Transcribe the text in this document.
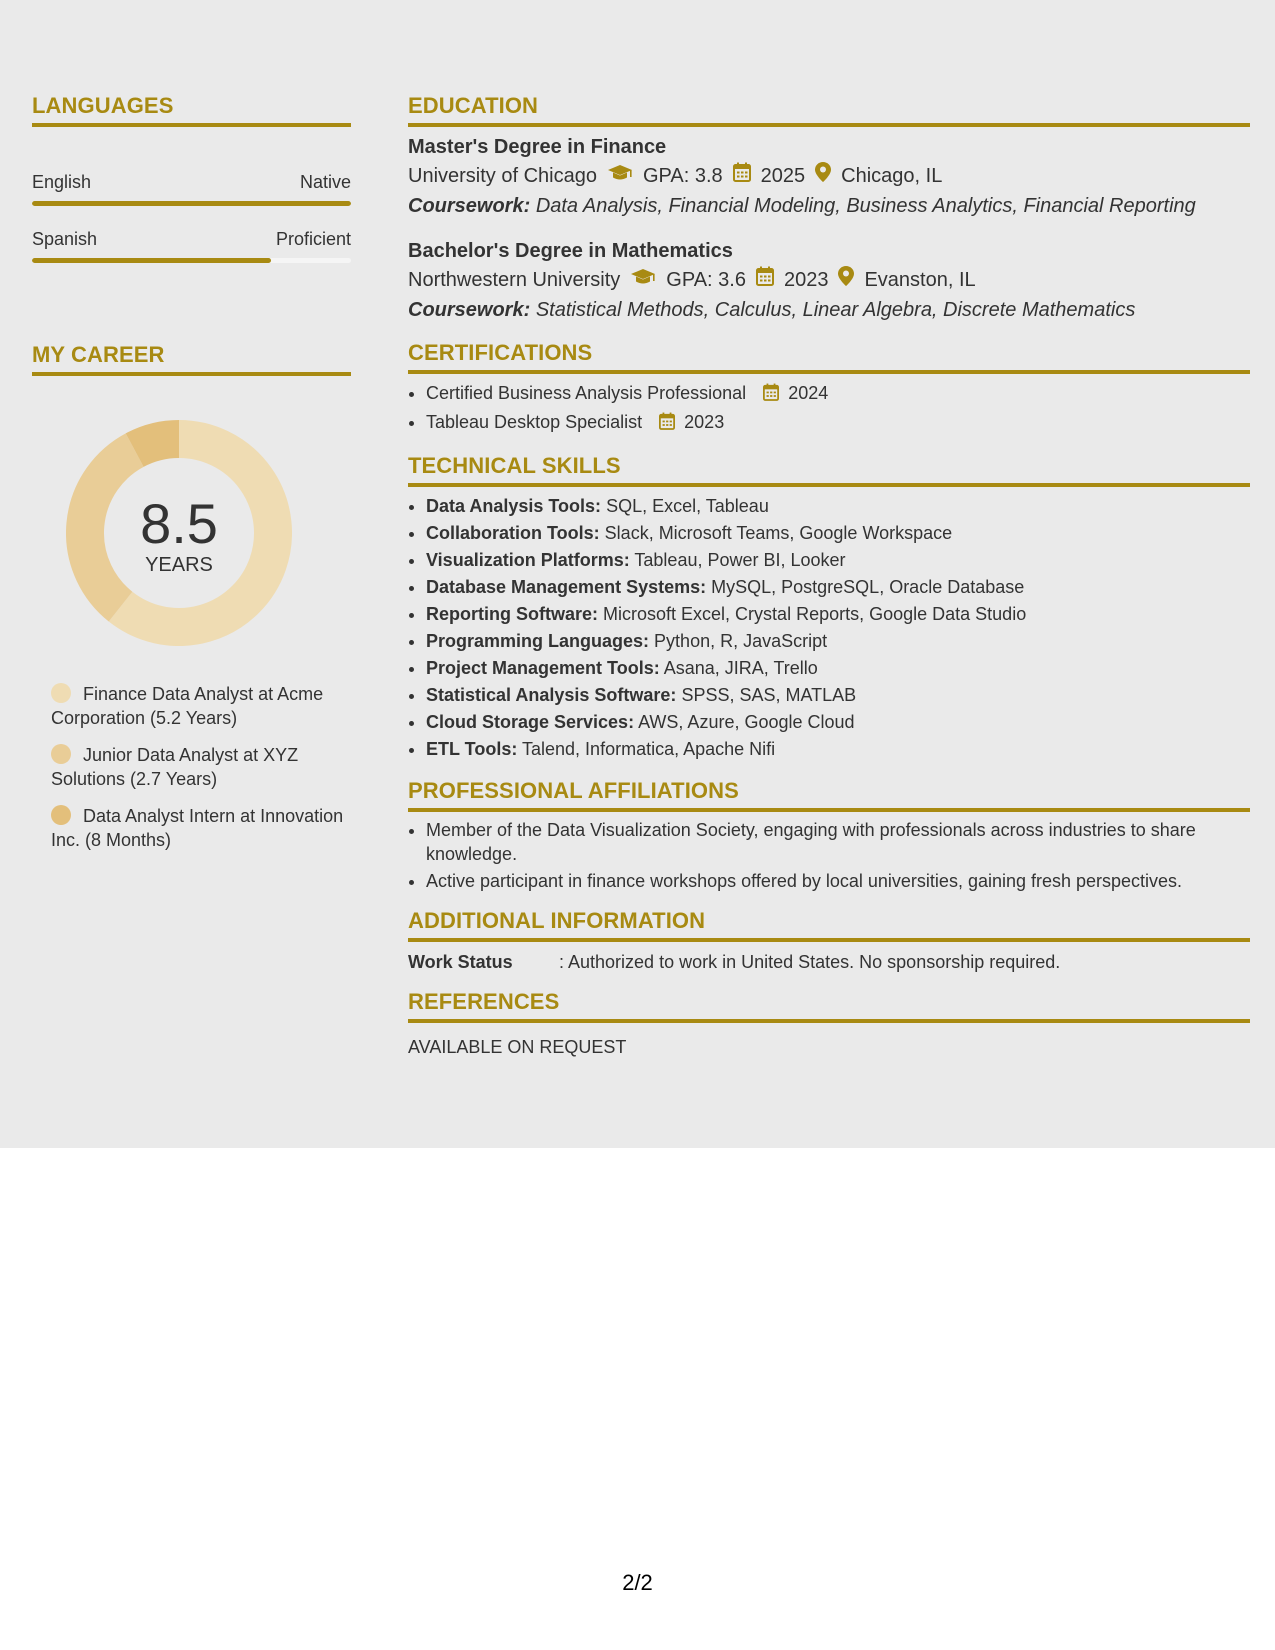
LANGUAGES
English	Native
Spanish	Proficient
MY CAREER
8.5
YEARS
Finance Data Analyst at Acme Corporation (5.2 Years)
Junior Data Analyst at XYZ Solutions (2.7 Years)
Data Analyst Intern at Innovation Inc. (8 Months)
EDUCATION
Master's Degree in Finance
University of Chicago GPA: 3.8 2025 Chicago, IL
Coursework: Data Analysis, Financial Modeling, Business Analytics, Financial Reporting
Bachelor's Degree in Mathematics
Northwestern University GPA: 3.6 2023 Evanston, IL
Coursework: Statistical Methods, Calculus, Linear Algebra, Discrete Mathematics
CERTIFICATIONS
• Certified Business Analysis Professional 2024
• Tableau Desktop Specialist 2023
TECHNICAL SKILLS
• Data Analysis Tools: SQL, Excel, Tableau
• Collaboration Tools: Slack, Microsoft Teams, Google Workspace
• Visualization Platforms: Tableau, Power BI, Looker
• Database Management Systems: MySQL, PostgreSQL, Oracle Database
• Reporting Software: Microsoft Excel, Crystal Reports, Google Data Studio
• Programming Languages: Python, R, JavaScript
• Project Management Tools: Asana, JIRA, Trello
• Statistical Analysis Software: SPSS, SAS, MATLAB
• Cloud Storage Services: AWS, Azure, Google Cloud
• ETL Tools: Talend, Informatica, Apache Nifi
PROFESSIONAL AFFILIATIONS
• Member of the Data Visualization Society, engaging with professionals across industries to share knowledge.
• Active participant in finance workshops offered by local universities, gaining fresh perspectives.
ADDITIONAL INFORMATION
Work Status	: Authorized to work in United States. No sponsorship required.
REFERENCES
AVAILABLE ON REQUEST
2/2
